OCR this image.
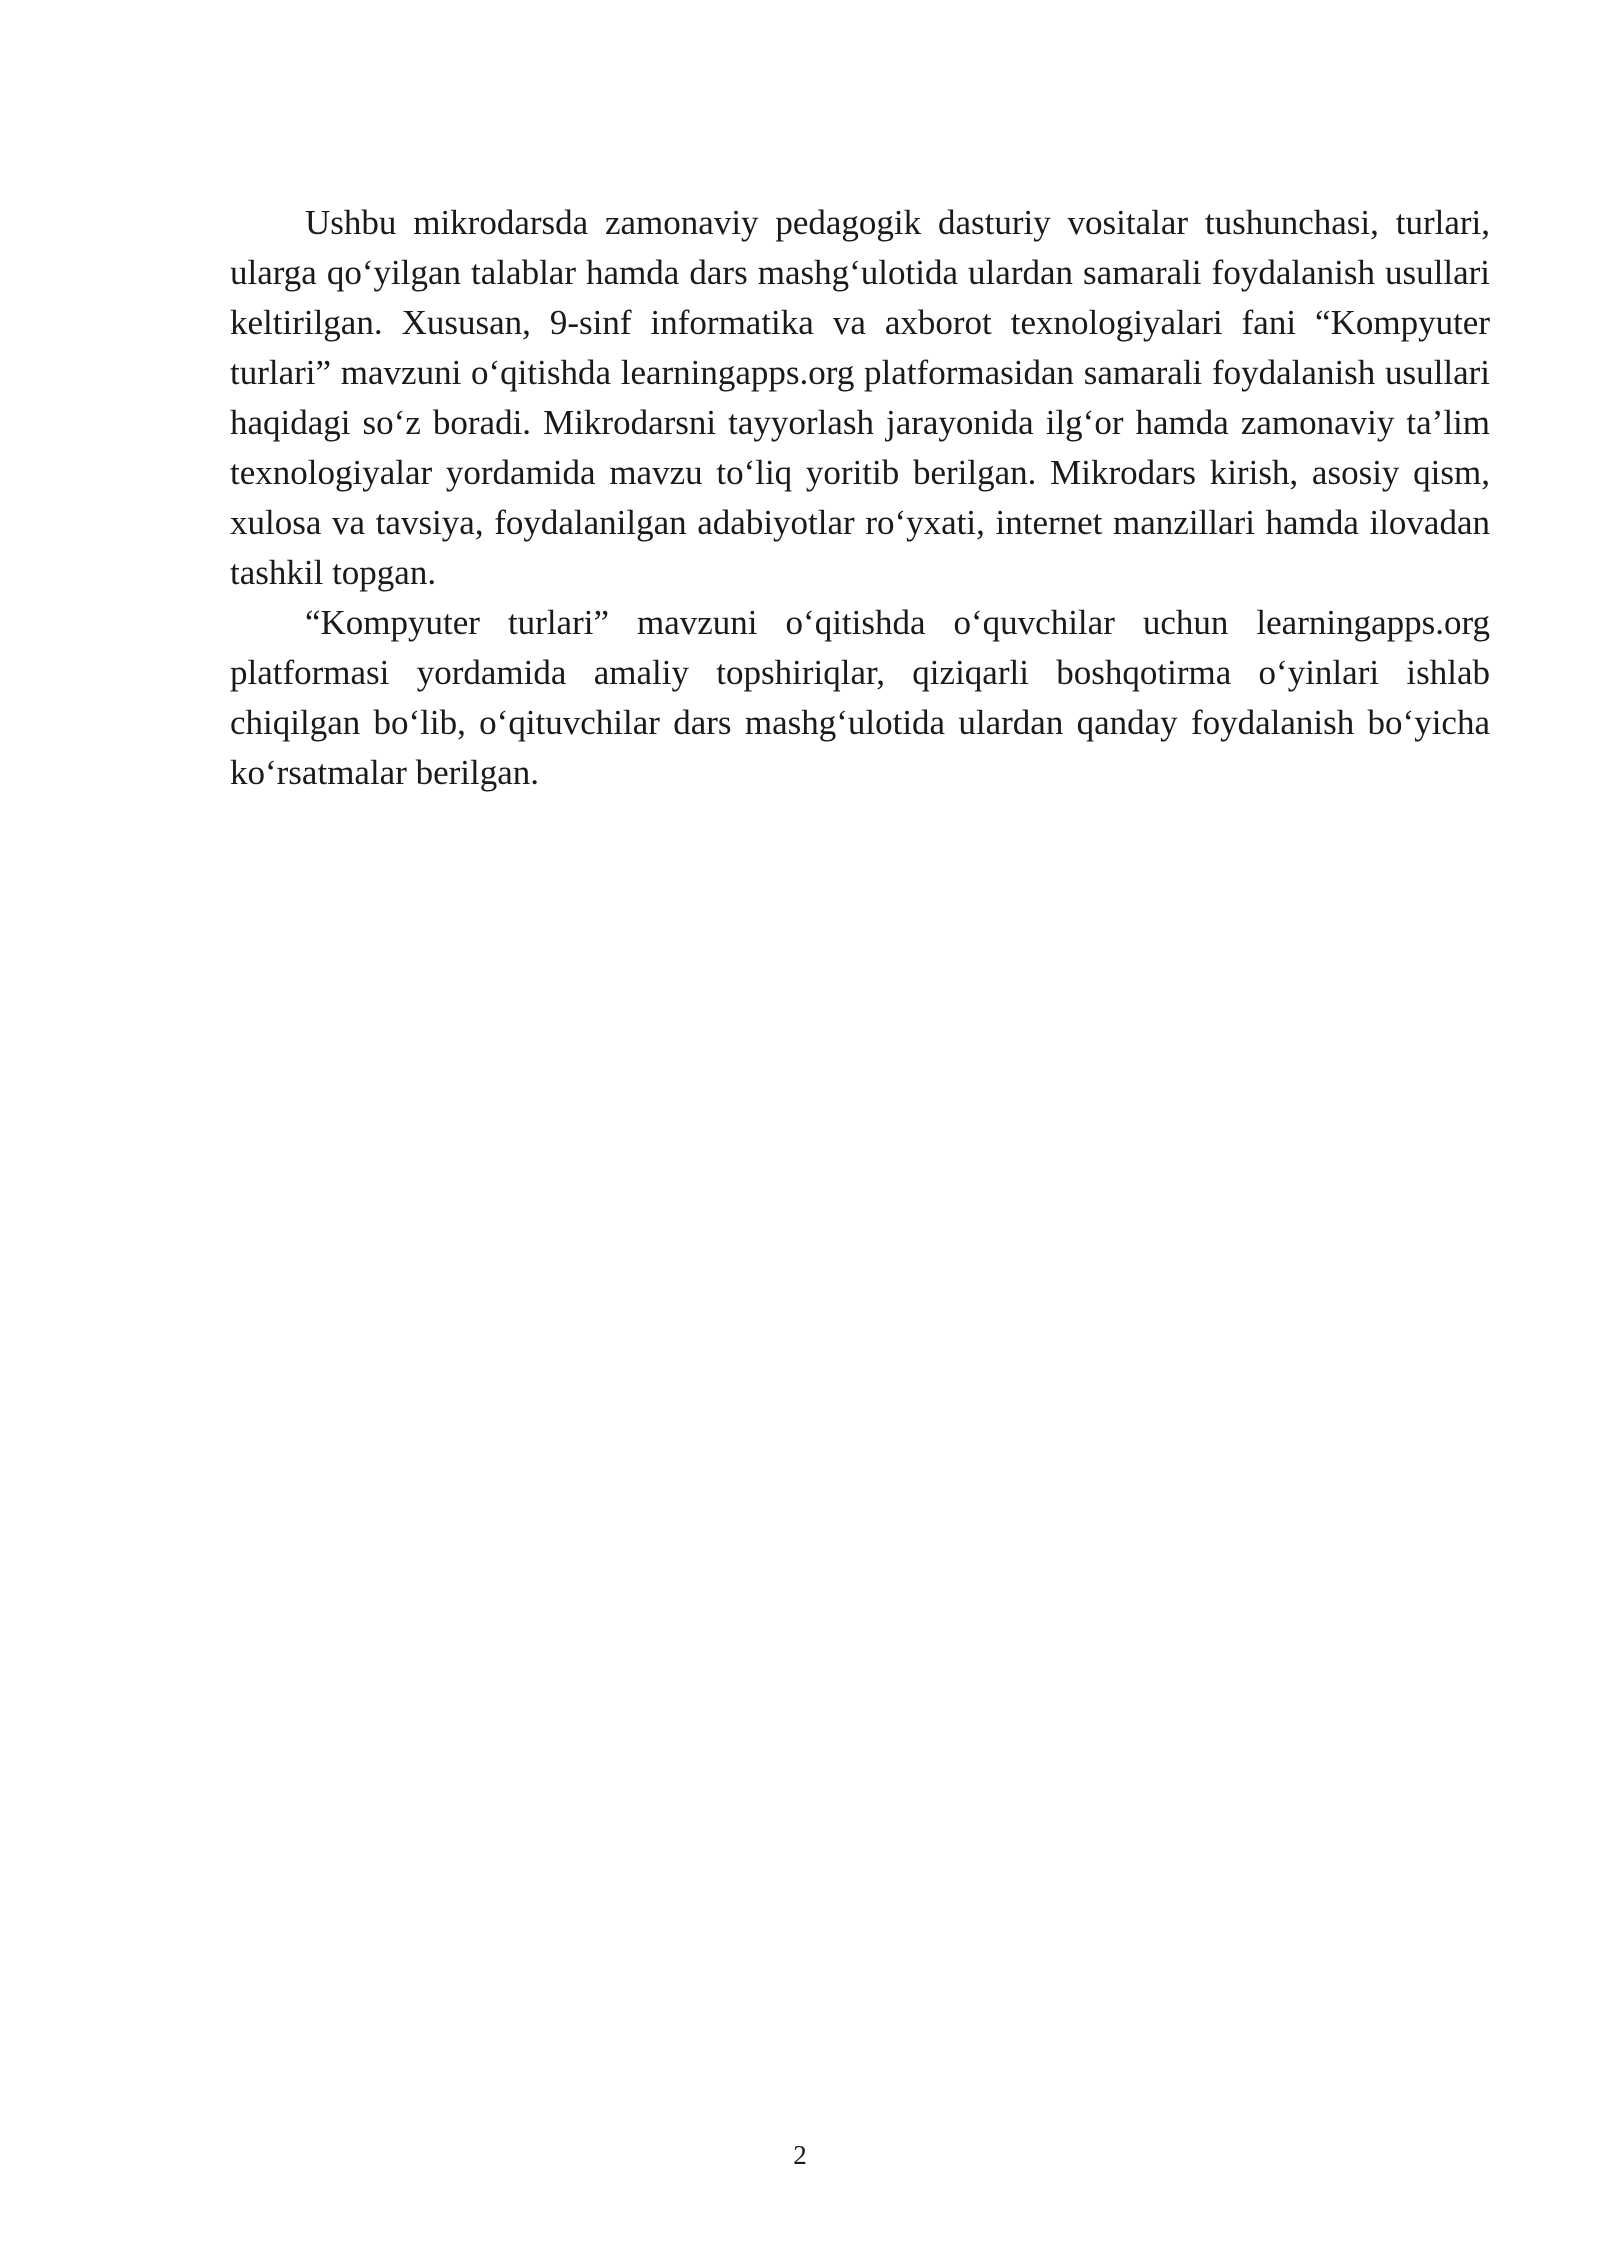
Ushbu mikrodarsda zamonaviy pedagogik dasturiy vositalar tushunchasi, turlari, ularga qo‘yilgan talablar hamda dars mashg‘ulotida ulardan samarali foydalanish usullari keltirilgan. Xususan, 9-sinf informatika va axborot texnologiyalari fani “Kompyuter turlari” mavzuni o‘qitishda learningapps.org platformasidan samarali foydalanish usullari haqidagi so‘z boradi. Mikrodarsni tayyorlash jarayonida ilg‘or hamda zamonaviy ta’lim texnologiyalar yordamida mavzu to‘liq yoritib berilgan. Mikrodars kirish, asosiy qism, xulosa va tavsiya, foydalanilgan adabiyotlar ro‘yxati, internet manzillari hamda ilovadan tashkil topgan.

“Kompyuter turlari” mavzuni o‘qitishda o‘quvchilar uchun learningapps.org platformasi yordamida amaliy topshiriqlar, qiziqarli boshqotirma o‘yinlari ishlab chiqilgan bo‘lib, o‘qituvchilar dars mashg‘ulotida ulardan qanday foydalanish bo‘yicha ko‘rsatmalar berilgan.

2
